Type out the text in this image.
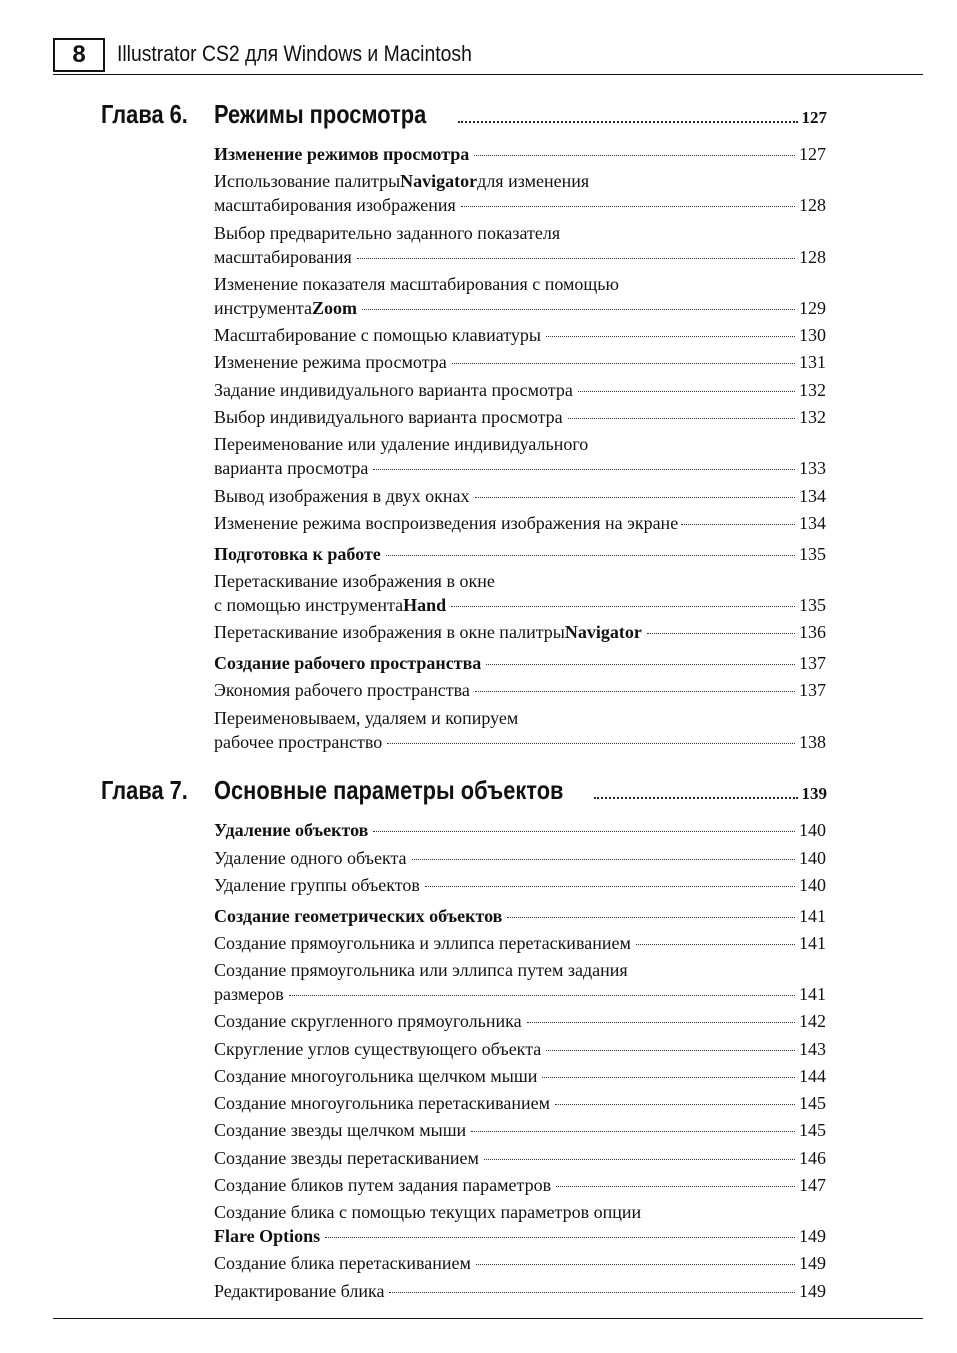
8	Illustrator CS2 для Windows и Macintosh
Глава 6.	Режимы просмотра	127
Изменение режимов просмотра	127
Использование палитры Navigator для изменения
масштабирования изображения	128
Выбор предварительно заданного показателя
масштабирования	128
Изменение показателя масштабирования с помощью
инструмента Zoom	129
Масштабирование с помощью клавиатуры	130
Изменение режима просмотра	131
Задание индивидуального варианта просмотра	132
Выбор индивидуального варианта просмотра	132
Переименование или удаление индивидуального
варианта просмотра	133
Вывод изображения в двух окнах	134
Изменение режима воспроизведения изображения на экране	134
Подготовка к работе	135
Перетаскивание изображения в окне
с помощью инструмента Hand	135
Перетаскивание изображения в окне палитры Navigator	136
Создание рабочего пространства	137
Экономия рабочего пространства	137
Переименовываем, удаляем и копируем
рабочее пространство	138
Глава 7.	Основные параметры объектов	139
Удаление объектов	140
Удаление одного объекта	140
Удаление группы объектов	140
Создание геометрических объектов	141
Создание прямоугольника и эллипса перетаскиванием	141
Создание прямоугольника или эллипса путем задания
размеров	141
Создание скругленного прямоугольника	142
Скругление углов существующего объекта	143
Создание многоугольника щелчком мыши	144
Создание многоугольника перетаскиванием	145
Создание звезды щелчком мыши	145
Создание звезды перетаскиванием	146
Создание бликов путем задания параметров	147
Создание блика с помощью текущих параметров опции
Flare Options	149
Создание блика перетаскиванием	149
Редактирование блика	149
